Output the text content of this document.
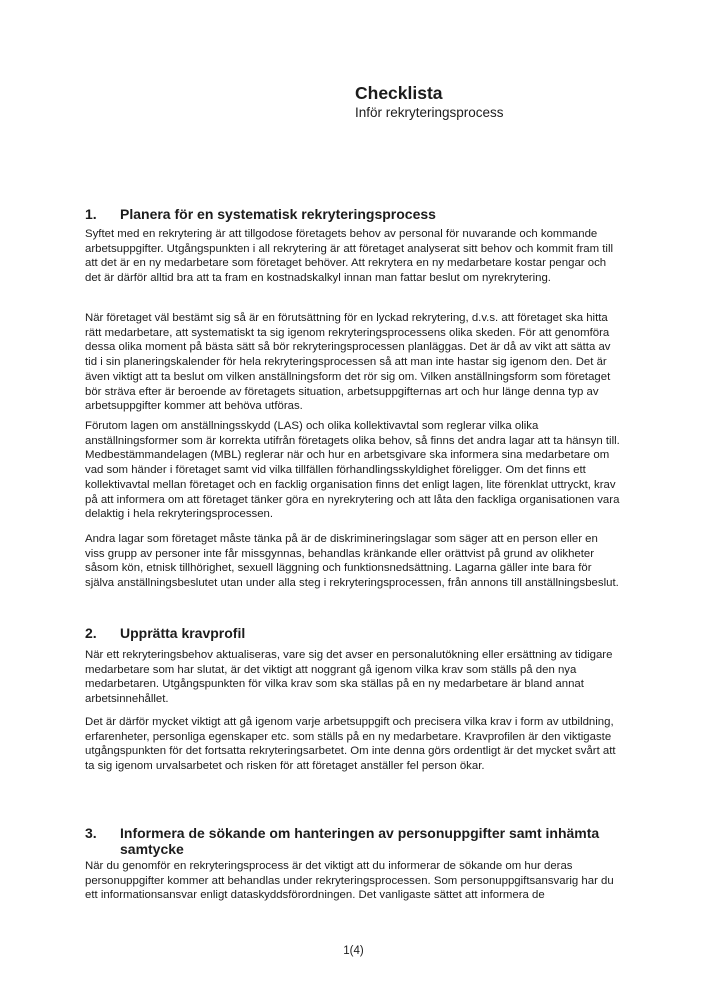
Checklista
Inför rekryteringsprocess
1.	Planera för en systematisk rekryteringsprocess

Syftet med en rekrytering är att tillgodose företagets behov av personal för nuvarande och kommande arbetsuppgifter. Utgångspunkten i all rekrytering är att företaget analyserat sitt behov och kommit fram till att det är en ny medarbetare som företaget behöver. Att rekrytera en ny medarbetare kostar pengar och det är därför alltid bra att ta fram en kostnadskalkyl innan man fattar beslut om nyrekrytering.

När företaget väl bestämt sig så är en förutsättning för en lyckad rekrytering, d.v.s. att företaget ska hitta rätt medarbetare, att systematiskt ta sig igenom rekryteringsprocessens olika skeden. För att genomföra dessa olika moment på bästa sätt så bör rekryteringsprocessen planläggas. Det är då av vikt att sätta av tid i sin planeringskalender för hela rekryteringsprocessen så att man inte hastar sig igenom den. Det är även viktigt att ta beslut om vilken anställningsform det rör sig om. Vilken anställningsform som företaget bör sträva efter är beroende av företagets situation, arbetsuppgifternas art och hur länge denna typ av arbetsuppgifter kommer att behöva utföras.

Förutom lagen om anställningsskydd (LAS) och olika kollektivavtal som reglerar vilka olika anställningsformer som är korrekta utifrån företagets olika behov, så finns det andra lagar att ta hänsyn till. Medbestämmandelagen (MBL) reglerar när och hur en arbetsgivare ska informera sina medarbetare om vad som händer i företaget samt vid vilka tillfällen förhandlingsskyldighet föreligger. Om det finns ett kollektivavtal mellan företaget och en facklig organisation finns det enligt lagen, lite förenklat uttryckt, krav på att informera om att företaget tänker göra en nyrekrytering och att låta den fackliga organisationen vara delaktig i hela rekryteringsprocessen.

Andra lagar som företaget måste tänka på är de diskrimineringslagar som säger att en person eller en viss grupp av personer inte får missgynnas, behandlas kränkande eller orättvist på grund av olikheter såsom kön, etnisk tillhörighet, sexuell läggning och funktionsnedsättning. Lagarna gäller inte bara för själva anställningsbeslutet utan under alla steg i rekryteringsprocessen, från annons till anställningsbeslut.

2.	Upprätta kravprofil

När ett rekryteringsbehov aktualiseras, vare sig det avser en personalutökning eller ersättning av tidigare medarbetare som har slutat, är det viktigt att noggrant gå igenom vilka krav som ställs på den nya medarbetaren. Utgångspunkten för vilka krav som ska ställas på en ny medarbetare är bland annat arbetsinnehållet.

Det är därför mycket viktigt att gå igenom varje arbetsuppgift och precisera vilka krav i form av utbildning, erfarenheter, personliga egenskaper etc. som ställs på en ny medarbetare. Kravprofilen är den viktigaste utgångspunkten för det fortsatta rekryteringsarbetet. Om inte denna görs ordentligt är det mycket svårt att ta sig igenom urvalsarbetet och risken för att företaget anställer fel person ökar.

3.	Informera de sökande om hanteringen av personuppgifter samt inhämta samtycke

När du genomför en rekryteringsprocess är det viktigt att du informerar de sökande om hur deras personuppgifter kommer att behandlas under rekryteringsprocessen. Som personuppgiftsansvarig har du ett informationsansvar enligt dataskyddsförordningen. Det vanligaste sättet att informera de

1(4)
